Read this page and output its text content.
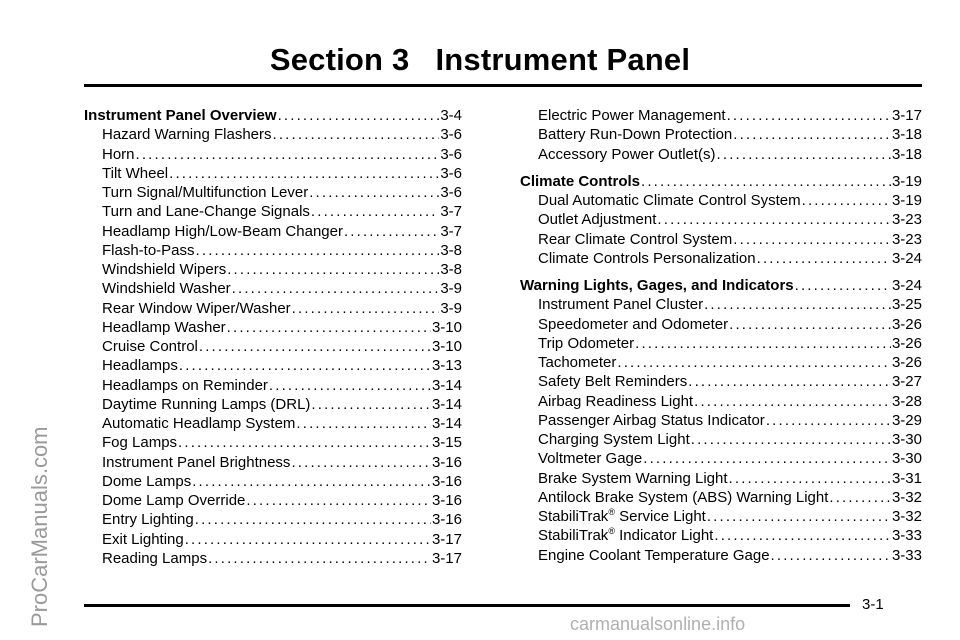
Section 3 Instrument Panel
Instrument Panel Overview . . .	3-4
Hazard Warning Flashers . . .	3-6
Horn . . .	3-6
Tilt Wheel . . .	3-6
Turn Signal/Multifunction Lever . . .	3-6
Turn and Lane-Change Signals . . .	3-7
Headlamp High/Low-Beam Changer . . .	3-7
Flash-to-Pass . . .	3-8
Windshield Wipers . . .	3-8
Windshield Washer . . .	3-9
Rear Window Wiper/Washer . . .	3-9
Headlamp Washer . . .	3-10
Cruise Control . . .	3-10
Headlamps . . .	3-13
Headlamps on Reminder . . .	3-14
Daytime Running Lamps (DRL) . . .	3-14
Automatic Headlamp System . . .	3-14
Fog Lamps . . .	3-15
Instrument Panel Brightness . . .	3-16
Dome Lamps . . .	3-16
Dome Lamp Override . . .	3-16
Entry Lighting . . .	3-16
Exit Lighting . . .	3-17
Reading Lamps . . .	3-17
Electric Power Management . . .	3-17
Battery Run-Down Protection . . .	3-18
Accessory Power Outlet(s) . . .	3-18
Climate Controls . . .	3-19
Dual Automatic Climate Control System . . .	3-19
Outlet Adjustment . . .	3-23
Rear Climate Control System . . .	3-23
Climate Controls Personalization . . .	3-24
Warning Lights, Gages, and Indicators . . .	3-24
Instrument Panel Cluster . . .	3-25
Speedometer and Odometer . . .	3-26
Trip Odometer . . .	3-26
Tachometer . . .	3-26
Safety Belt Reminders . . .	3-27
Airbag Readiness Light . . .	3-28
Passenger Airbag Status Indicator . . .	3-29
Charging System Light . . .	3-30
Voltmeter Gage . . .	3-30
Brake System Warning Light . . .	3-31
Antilock Brake System (ABS) Warning Light . . .	3-32
StabiliTrak® Service Light . . .	3-32
StabiliTrak® Indicator Light . . .	3-33
Engine Coolant Temperature Gage . . .	3-33
3-1
ProCarManuals.com	carmanualsonline.info
